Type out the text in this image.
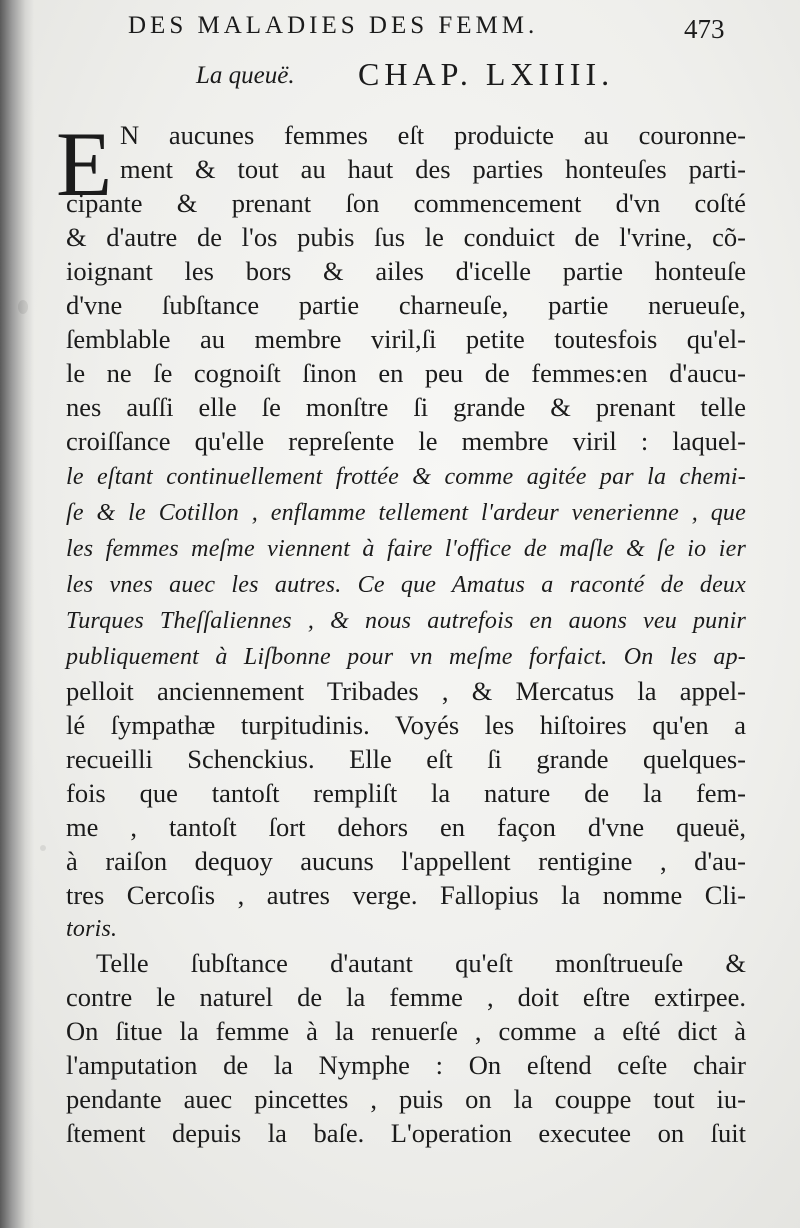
DES MALADIES DES FEMM.	473
La queuë. CHAP. LXIIII.
E N aucunes femmes eſt produicte au couronne-
ment & tout au haut des parties honteuſes parti-
cipante & prenant ſon commencement d'vn coſté
& d'autre de l'os pubis ſus le conduict de l'vrine, cõ-
ioignant les bors & ailes d'icelle partie honteuſe
d'vne ſubſtance partie charneuſe, partie nerueuſe,
ſemblable au membre viril,ſi petite toutesfois qu'el-
le ne ſe cognoiſt ſinon en peu de femmes:en d'aucu-
nes auſſi elle ſe monſtre ſi grande & prenant telle
croiſſance qu'elle repreſente le membre viril : laquel-
le eſtant continuellement frottée & comme agitée par la chemi-
ſe & le Cotillon , enflamme tellement l'ardeur venerienne , que
les femmes meſme viennent à faire l'office de maſle & ſe io ier
les vnes auec les autres. Ce que Amatus a raconté de deux
Turques Theſſaliennes , & nous autrefois en auons veu punir
publiquement à Liſbonne pour vn meſme forfaict. On les ap-
pelloit anciennement Tribades , & Mercatus la appel-
lé ſympathæ turpitudinis. Voyés les hiſtoires qu'en a
recueilli Schenckius. Elle eſt ſi grande quelques-
fois que tantoſt rempliſt la nature de la fem-
me , tantoſt ſort dehors en façon d'vne queuë,
à raiſon dequoy aucuns l'appellent rentigine , d'au-
tres Cercoſis , autres verge. Fallopius la nomme Cli-
toris.
Telle ſubſtance d'autant qu'eſt monſtrueuſe &
contre le naturel de la femme , doit eſtre extirpee.
On ſitue la femme à la renuerſe , comme a eſté dict à
l'amputation de la Nymphe : On eſtend ceſte chair
pendante auec pincettes , puis on la couppe tout iu-
ſtement depuis la baſe. L'operation executee on ſuit
